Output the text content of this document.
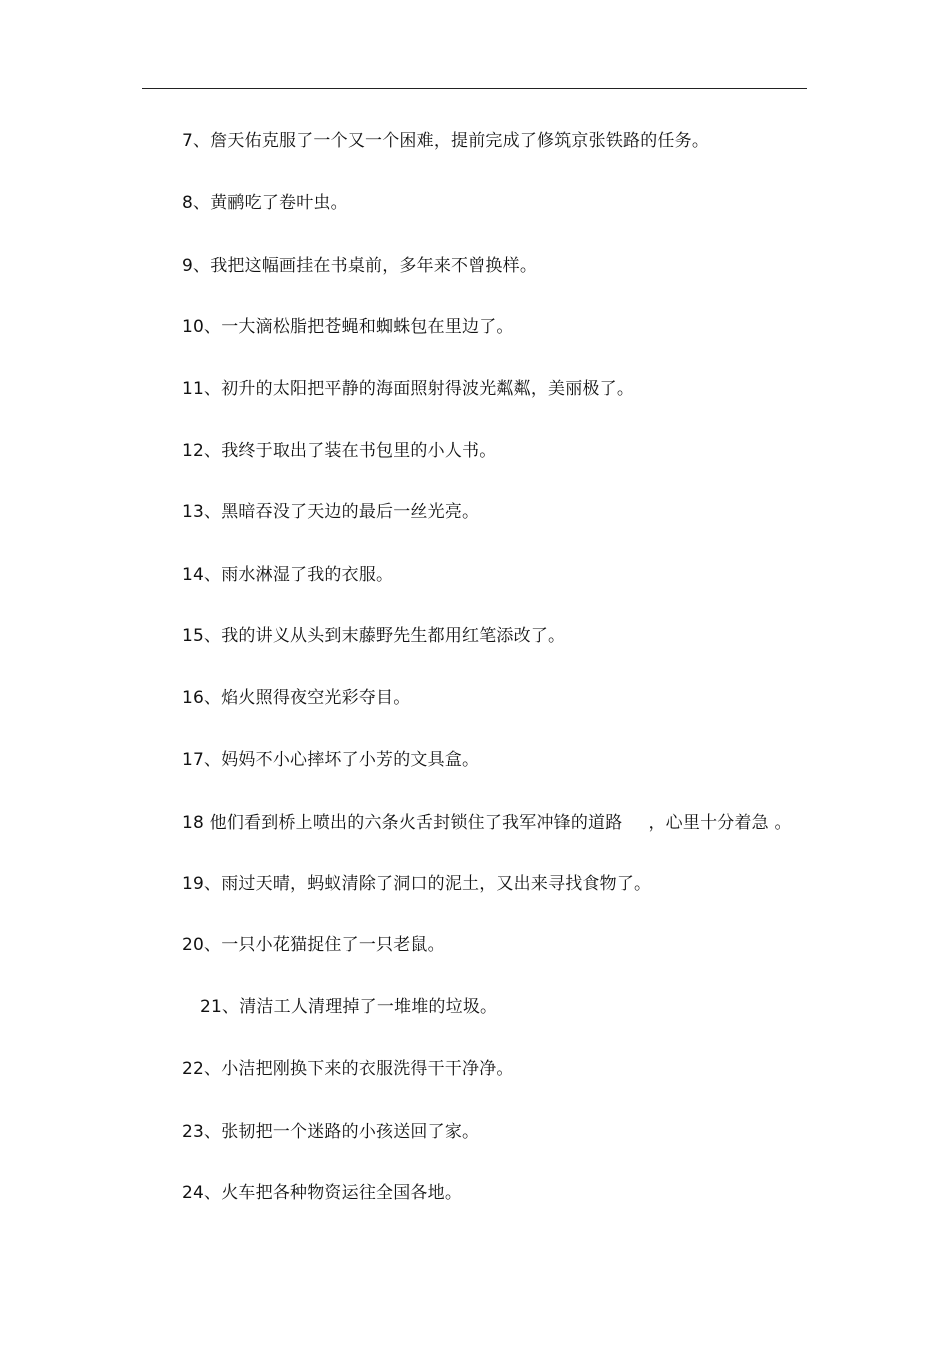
7、詹天佑克服了一个又一个困难，提前完成了修筑京张铁路的任务。
8、黄鹂吃了卷叶虫。
9、我把这幅画挂在书桌前，多年来不曾换样。
10、一大滴松脂把苍蝇和蜘蛛包在里边了。
11、初升的太阳把平静的海面照射得波光粼粼，美丽极了。
12、我终于取出了装在书包里的小人书。
13、黑暗吞没了天边的最后一丝光亮。
14、雨水淋湿了我的衣服。
15、我的讲义从头到末藤野先生都用红笔添改了。
16、焰火照得夜空光彩夺目。
17、妈妈不小心摔坏了小芳的文具盒。
18 他们看到桥上喷出的六条火舌封锁住了我军冲锋的道路 ，心里十分着急 。
19、雨过天晴，蚂蚁清除了洞口的泥土，又出来寻找食物了。
20、一只小花猫捉住了一只老鼠。
21、清洁工人清理掉了一堆堆的垃圾。
22、小洁把刚换下来的衣服洗得干干净净。
23、张韧把一个迷路的小孩送回了家。
24、火车把各种物资运往全国各地。
